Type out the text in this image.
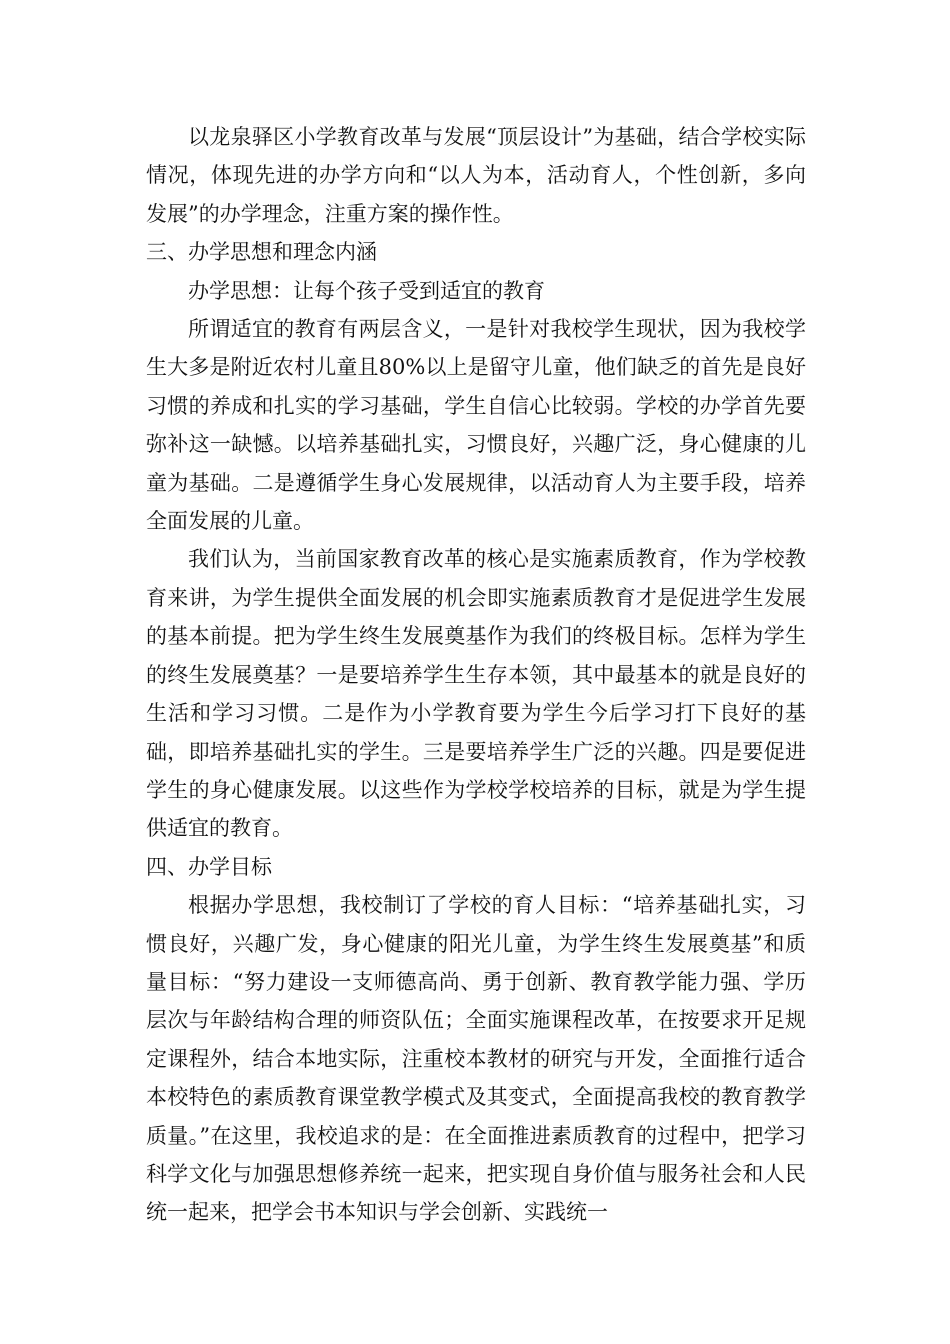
以龙泉驿区小学教育改革与发展“顶层设计”为基础，结合学校实际情况，体现先进的办学方向和“以人为本，活动育人，个性创新，多向发展”的办学理念，注重方案的操作性。

三、办学思想和理念内涵

办学思想：让每个孩子受到适宜的教育

所谓适宜的教育有两层含义，一是针对我校学生现状，因为我校学生大多是附近农村儿童且80%以上是留守儿童，他们缺乏的首先是良好习惯的养成和扎实的学习基础，学生自信心比较弱。学校的办学首先要弥补这一缺憾。以培养基础扎实，习惯良好，兴趣广泛，身心健康的儿童为基础。二是遵循学生身心发展规律，以活动育人为主要手段，培养全面发展的儿童。

我们认为，当前国家教育改革的核心是实施素质教育，作为学校教育来讲，为学生提供全面发展的机会即实施素质教育才是促进学生发展的基本前提。把为学生终生发展奠基作为我们的终极目标。怎样为学生的终生发展奠基？一是要培养学生生存本领，其中最基本的就是良好的生活和学习习惯。二是作为小学教育要为学生今后学习打下良好的基础，即培养基础扎实的学生。三是要培养学生广泛的兴趣。四是要促进学生的身心健康发展。以这些作为学校学校培养的目标，就是为学生提供适宜的教育。

四、办学目标

根据办学思想，我校制订了学校的育人目标：“培养基础扎实，习惯良好，兴趣广发，身心健康的阳光儿童，为学生终生发展奠基”和质量目标：“努力建设一支师德高尚、勇于创新、教育教学能力强、学历层次与年龄结构合理的师资队伍；全面实施课程改革，在按要求开足规定课程外，结合本地实际，注重校本教材的研究与开发，全面推行适合本校特色的素质教育课堂教学模式及其变式，全面提高我校的教育教学质量。”在这里，我校追求的是：在全面推进素质教育的过程中，把学习科学文化与加强思想修养统一起来，把实现自身价值与服务社会和人民统一起来，把学会书本知识与学会创新、实践统一
